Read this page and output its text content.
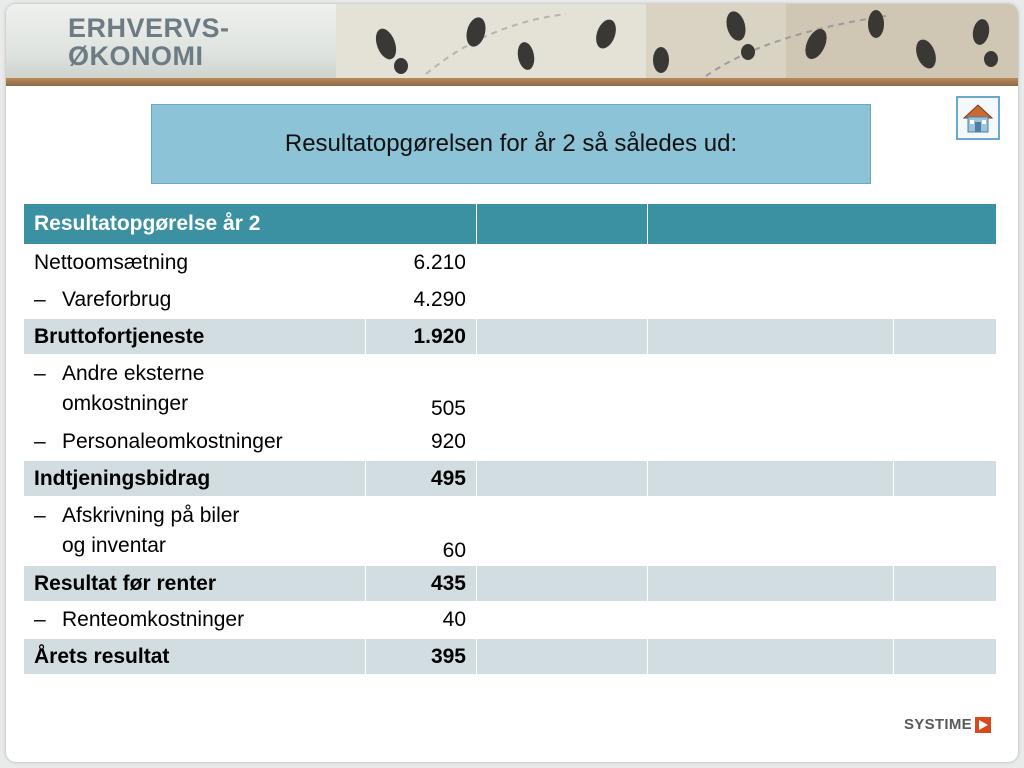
ERHVERVS-
ØKONOMI
Resultatopgørelsen for år 2 så således ud:
Resultatopgørelse år 2				
Nettoomsætning	6.210			

– Vareforbrug	4.290			
Bruttofortjeneste	1.920			

– Andre eksterne
omkostninger	505			

– Personaleomkostninger	920			
Indtjeningsbidrag	495			

– Afskrivning på biler
og inventar	60			
Resultat før renter	435			

– Renteomkostninger	40			
Årets resultat	395			
SYSTIME
